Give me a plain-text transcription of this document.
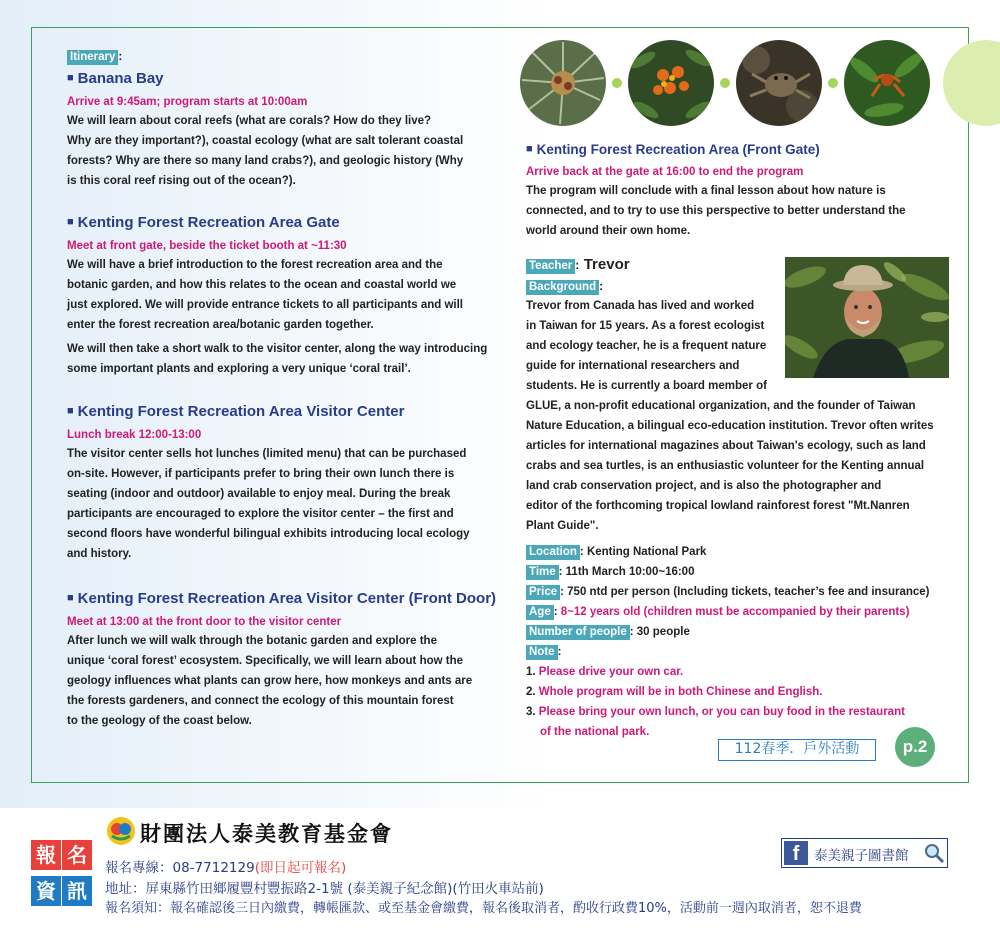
Itinerary :
■ Banana Bay
Arrive at 9:45am; program starts at 10:00am
We will learn about coral reefs (what are corals? How do they live?
Why are they important?), coastal ecology (what are salt tolerant coastal
forests? Why are there so many land crabs?), and geologic history (Why
is this coral reef rising out of the ocean?).
■ Kenting Forest Recreation Area Gate
Meet at front gate, beside the ticket booth at ~11:30
We will have a brief introduction to the forest recreation area and the
botanic garden, and how this relates to the ocean and coastal world we
just explored. We will provide entrance tickets to all participants and will
enter the forest recreation area/botanic garden together.
We will then take a short walk to the visitor center, along the way introducing
some important plants and exploring a very unique ‘coral trail’.
■ Kenting Forest Recreation Area Visitor Center
Lunch break 12:00-13:00
The visitor center sells hot lunches (limited menu) that can be purchased
on-site. However, if participants prefer to bring their own lunch there is
seating (indoor and outdoor) available to enjoy meal. During the break
participants are encouraged to explore the visitor center – the first and
second floors have wonderful bilingual exhibits introducing local ecology
and history.
■ Kenting Forest Recreation Area Visitor Center (Front Door)
Meet at 13:00 at the front door to the visitor center
After lunch we will walk through the botanic garden and explore the
unique ‘coral forest’ ecosystem. Specifically, we will learn about how the
geology influences what plants can grow here, how monkeys and ants are
the forests gardeners, and connect the ecology of this mountain forest
to the geology of the coast below.
■ Kenting Forest Recreation Area (Front Gate)
Arrive back at the gate at 16:00 to end the program
The program will conclude with a final lesson about how nature is
connected, and to try to use this perspective to better understand the
world around their own home.
Teacher : Trevor
Background :
Trevor from Canada has lived and worked
in Taiwan for 15 years. As a forest ecologist
and ecology teacher, he is a frequent nature
guide for international researchers and
students. He is currently a board member of
GLUE, a non-profit educational organization, and the founder of Taiwan
Nature Education, a bilingual eco-education institution. Trevor often writes
articles for international magazines about Taiwan's ecology, such as land
crabs and sea turtles, is an enthusiastic volunteer for the Kenting annual
land crab conservation project, and is also the photographer and
editor of the forthcoming tropical lowland rainforest forest "Mt.Nanren
Plant Guide".
Location : Kenting National Park
Time : 11th March 10:00~16:00
Price : 750 ntd per person (Including tickets, teacher’s fee and insurance)
Age : 8~12 years old (children must be accompanied by their parents)
Number of people : 30 people
Note :
1. Please drive your own car.
2. Whole program will be in both Chinese and English.
3. Please bring your own lunch, or you can buy food in the restaurant
of the national park.
112春季．戶外活動	p.2
報 名
資 訊
財團法人泰美教育基金會
報名專線：08-7712129(即日起可報名)
地址：屏東縣竹田鄉履豐村豐振路2-1號 (泰美親子紀念館)(竹田火車站前)
報名須知：報名確認後三日內繳費，轉帳匯款、或至基金會繳費，報名後取消者，酌收行政費10%，活動前一週內取消者，恕不退費
f	泰美親子圖書館
